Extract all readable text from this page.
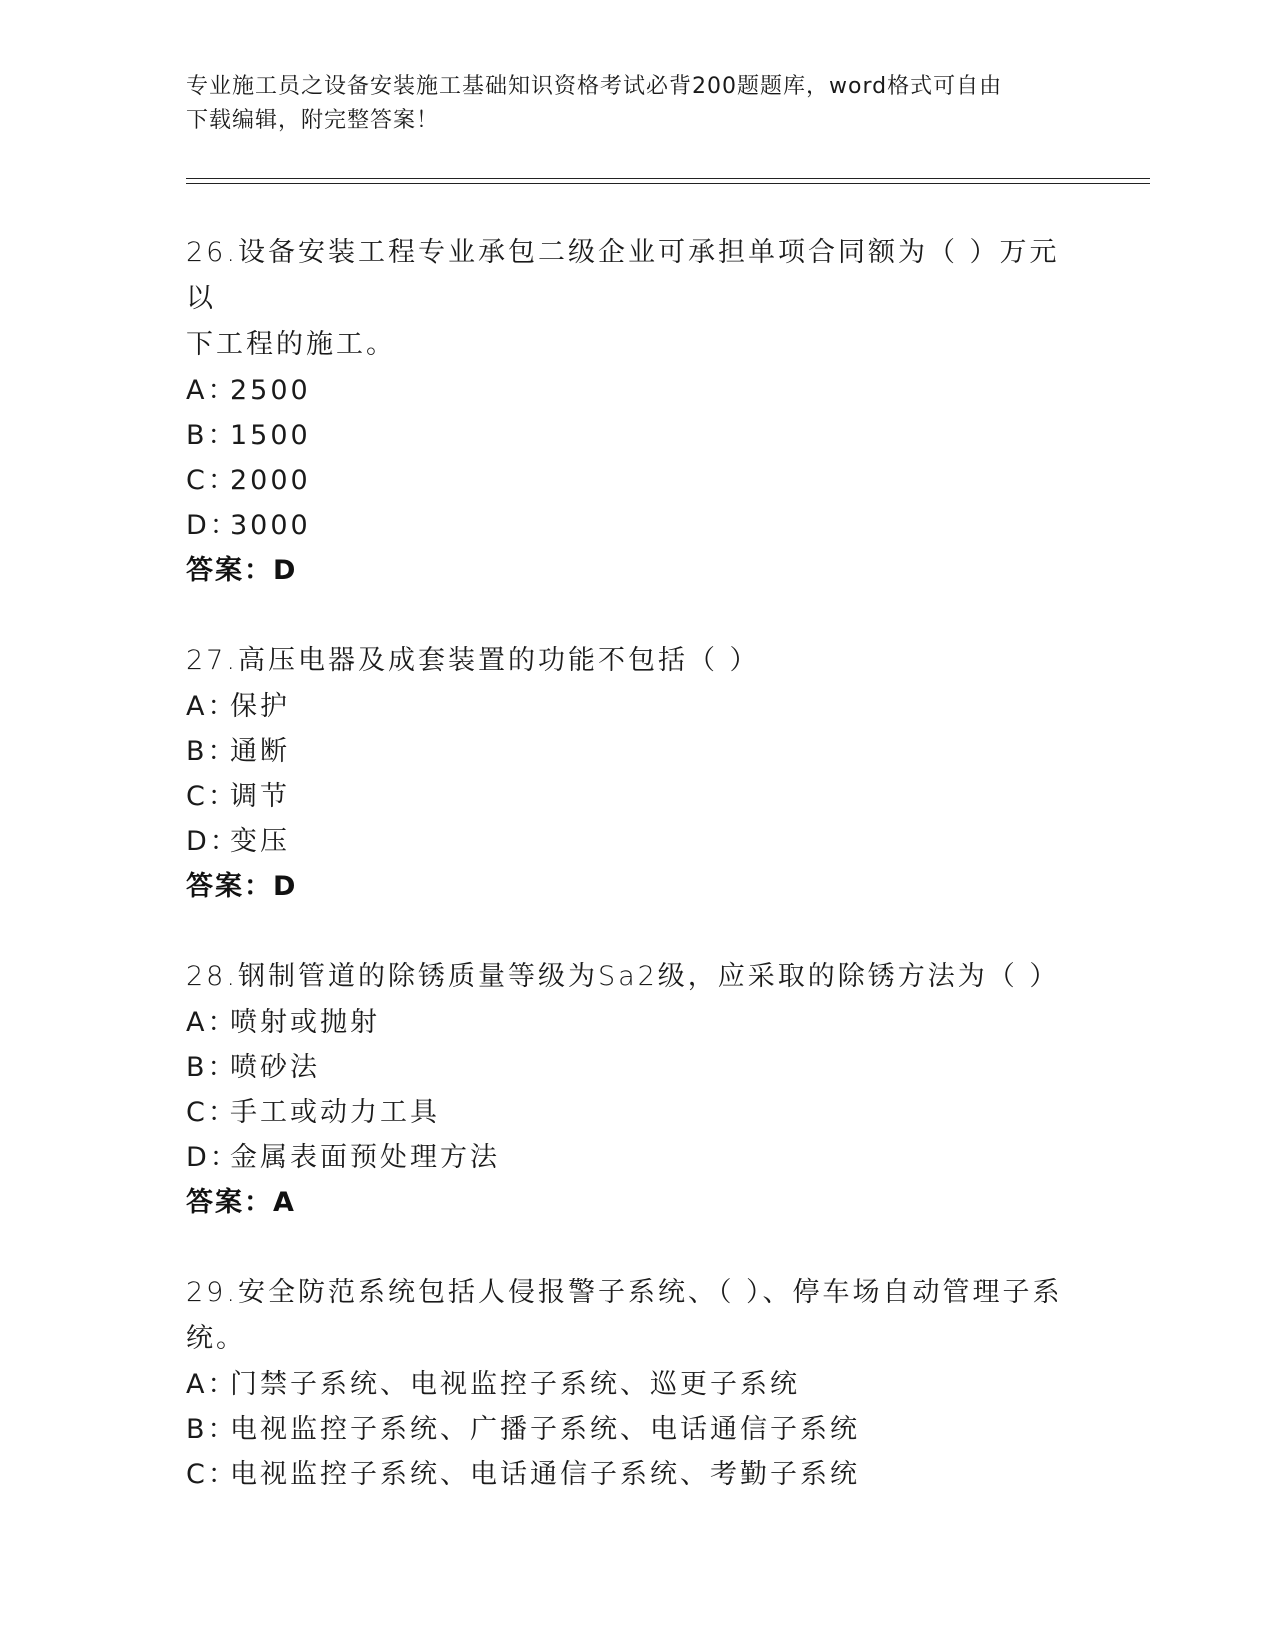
专业施工员之设备安装施工基础知识资格考试必背200题题库，word格式可自由
下载编辑，附完整答案！
26.设备安装工程专业承包二级企业可承担单项合同额为（ ）万元以
下工程的施工。
A：2500
B：1500
C：2000
D：3000
答案：D
27.高压电器及成套装置的功能不包括（ ）
A：保护
B：通断
C：调节
D：变压
答案：D
28.钢制管道的除锈质量等级为Sa2级，应采取的除锈方法为（ ）
A：喷射或抛射
B：喷砂法
C：手工或动力工具
D：金属表面预处理方法
答案：A
29.安全防范系统包括人侵报警子系统、（ ）、停车场自动管理子系
统。
A：门禁子系统、电视监控子系统、巡更子系统
B：电视监控子系统、广播子系统、电话通信子系统
C：电视监控子系统、电话通信子系统、考勤子系统
